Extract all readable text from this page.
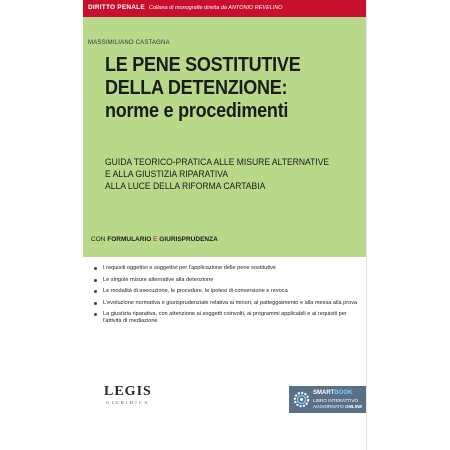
DIRITTO PENALE Collana di monografie diretta da ANTONIO REVELINO
MASSIMILIANO CASTAGNA
LE PENE SOSTITUTIVE
DELLA DETENZIONE:
norme e procedimenti
GUIDA TEORICO-PRATICA ALLE MISURE ALTERNATIVE
E ALLA GIUSTIZIA RIPARATIVA
ALLA LUCE DELLA RIFORMA CARTABIA
CON FORMULARIO E GIURISPRUDENZA
I requisiti oggettivi e soggettivi per l'applicazione delle pene sostitutive
Le singole misure alternative alla detenzione
Le modalità di esecuzione, le procedure, le ipotesi di conversione e revoca
L'evoluzione normativa e giurisprudenziale relativa ai minori, al patteggiamento e alla messa alla prova
La giustizia riparativa, con attenzione ai soggetti coinvolti, ai programmi applicabili e ai requisiti per l'attività di mediazione
LEGIS
GIURIDICA
SMARTBOOK
LIBRO INTERATTIVO
AGGIORNATO ONLINE
